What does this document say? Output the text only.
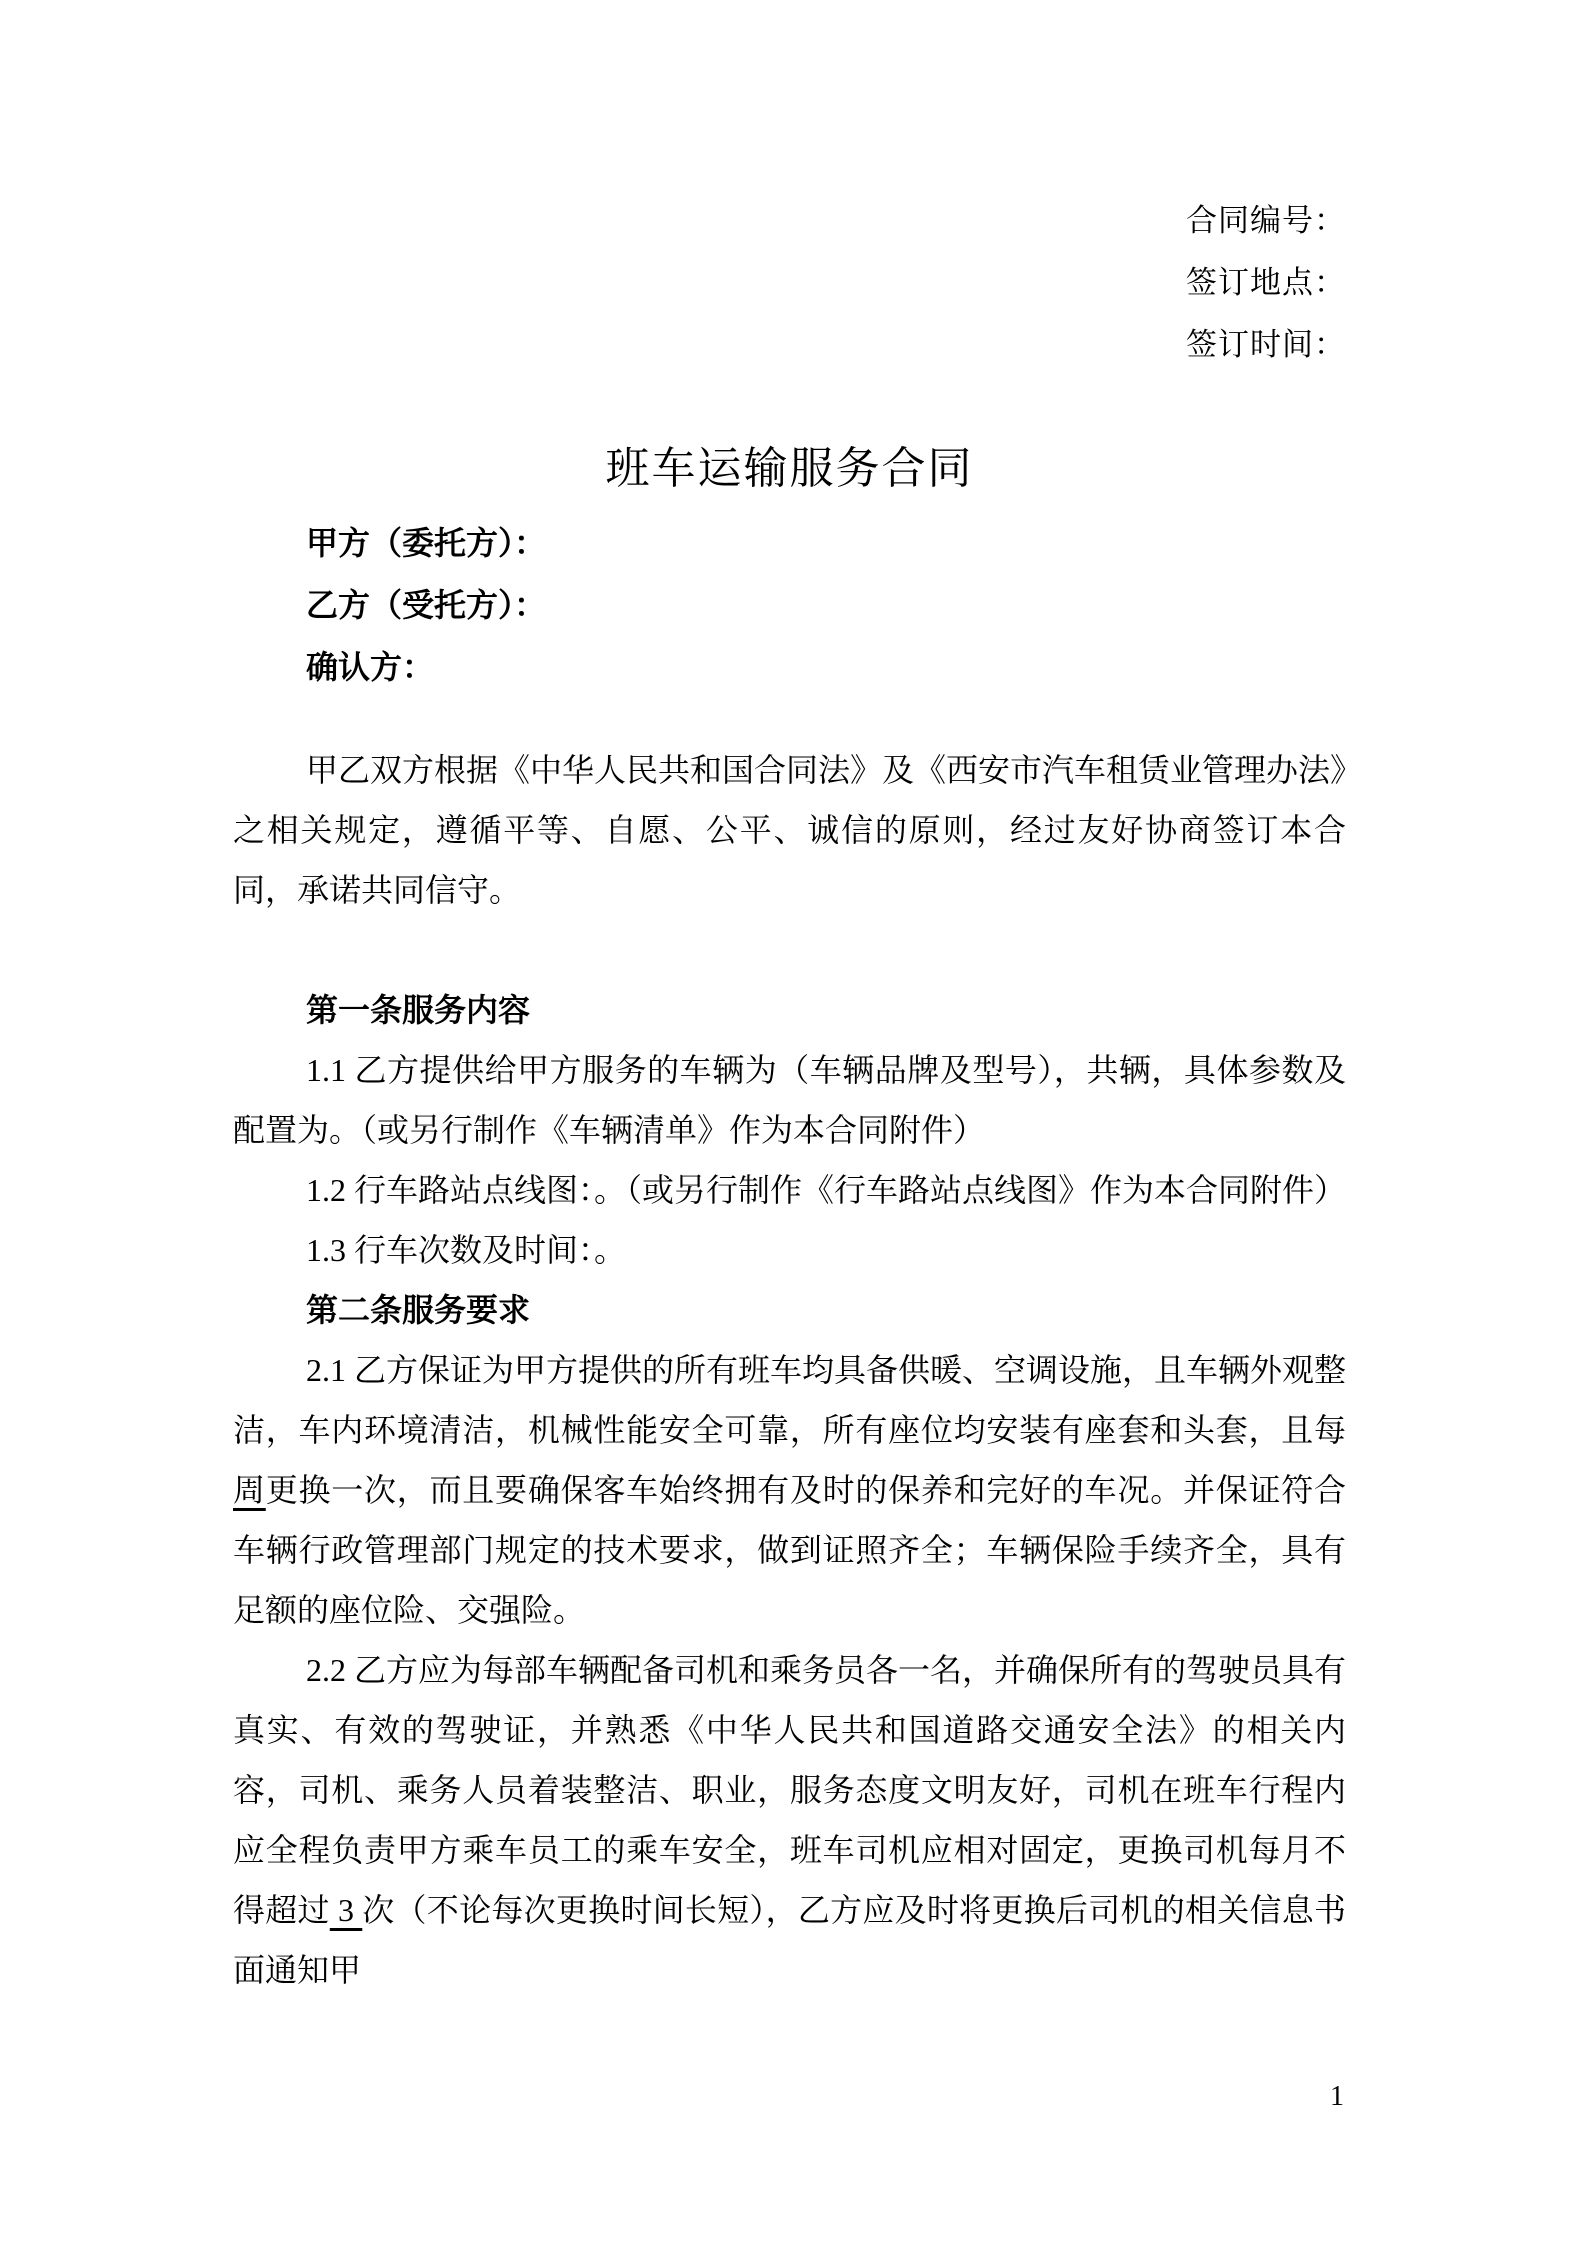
合同编号：
签订地点：
签订时间：
班车运输服务合同
甲方（委托方）：
乙方（受托方）：
确认方：

甲乙双方根据《中华人民共和国合同法》及《西安市汽车租赁业管理办法》之相关规定，遵循平等、自愿、公平、诚信的原则，经过友好协商签订本合同，承诺共同信守。

第一条服务内容

1.1 乙方提供给甲方服务的车辆为（车辆品牌及型号），共辆，具体参数及配置为。（或另行制作《车辆清单》作为本合同附件）

1.2 行车路站点线图：。（或另行制作《行车路站点线图》作为本合同附件）

1.3 行车次数及时间：。

第二条服务要求

2.1 乙方保证为甲方提供的所有班车均具备供暖、空调设施，且车辆外观整洁，车内环境清洁，机械性能安全可靠，所有座位均安装有座套和头套，且每周更换一次，而且要确保客车始终拥有及时的保养和完好的车况。并保证符合车辆行政管理部门规定的技术要求，做到证照齐全；车辆保险手续齐全，具有足额的座位险、交强险。

2.2 乙方应为每部车辆配备司机和乘务员各一名，并确保所有的驾驶员具有真实、有效的驾驶证，并熟悉《中华人民共和国道路交通安全法》的相关内容，司机、乘务人员着装整洁、职业，服务态度文明友好，司机在班车行程内应全程负责甲方乘车员工的乘车安全，班车司机应相对固定，更换司机每月不得超过 3 次（不论每次更换时间长短），乙方应及时将更换后司机的相关信息书面通知甲

1
